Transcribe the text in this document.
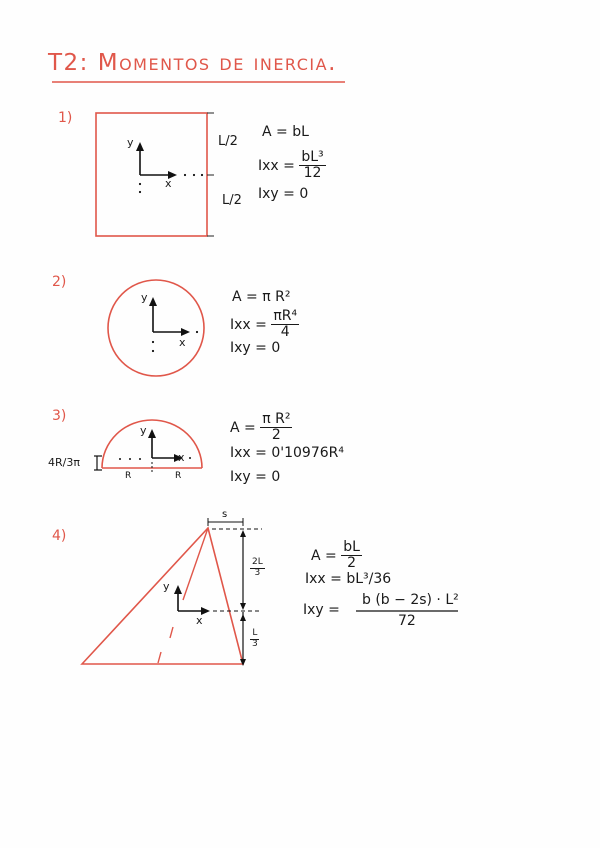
T2: Momentos de inercia.
1)
L/2
L/2
y
x
A = bL
Ixx = $\frac{\text{bL³}}{12}$
Ixy = 0
2)
y
x
A = π R²
Ixx = $\frac{\text{πR⁴}}{4}$
Ixy = 0
3)
4R/3π
y
x
R	R
$A = \frac{\text{π R²}}{2}$
Ixx = 0'10976R⁴
Ixy = 0
4)
s
$\frac{2L}{3}$
$\frac{L}{3}$
y
x
$A = \frac{bL}{2}$
Ixx = bL³/36
Ixy =
b (b − 2s) · L²
72
